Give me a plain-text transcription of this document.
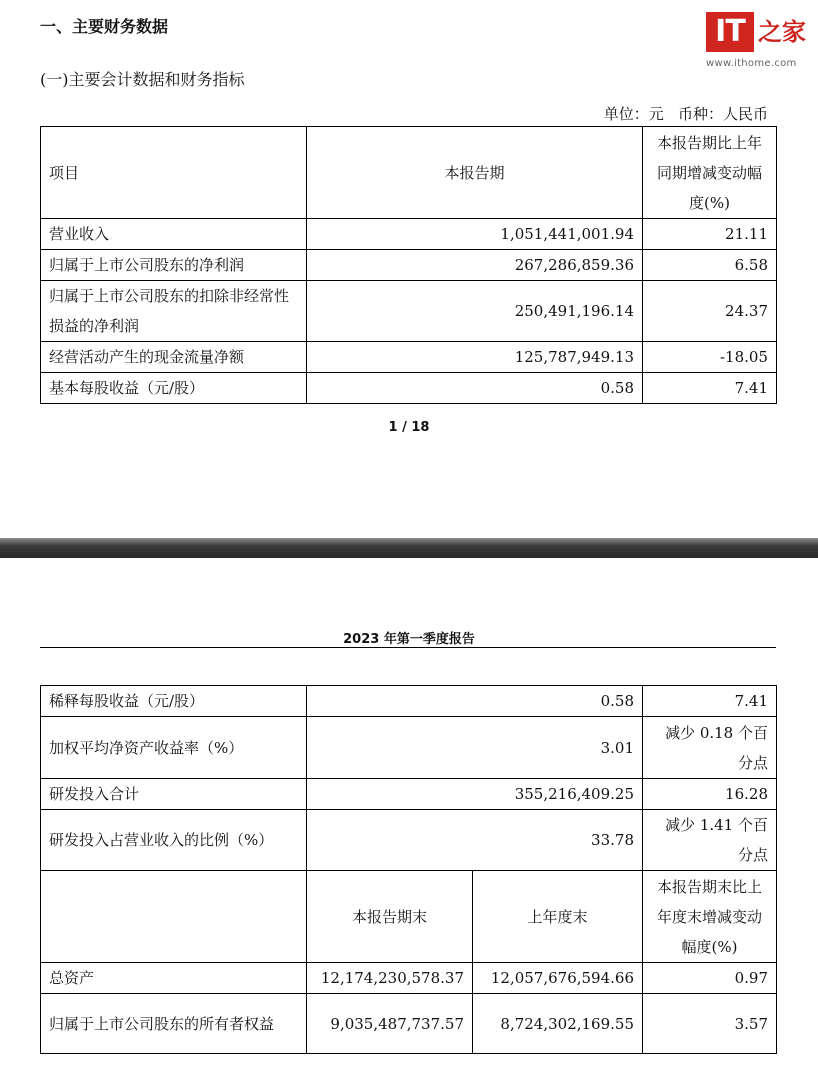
IT 之家
www.ithome.com
一、主要财务数据
(一)主要会计数据和财务指标
单位：元   币种：人民币
项目	本报告期	本报告期比上年同期增减变动幅度(%)
营业收入	1,051,441,001.94	21.11
归属于上市公司股东的净利润	267,286,859.36	6.58
归属于上市公司股东的扣除非经常性损益的净利润	250,491,196.14	24.37
经营活动产生的现金流量净额	125,787,949.13	-18.05
基本每股收益（元/股）	0.58	7.41
1 / 18
2023 年第一季度报告
稀释每股收益（元/股）	0.58		7.41
加权平均净资产收益率（%）	3.01		减少 0.18 个百分点
研发投入合计	355,216,409.25		16.28
研发投入占营业收入的比例（%）	33.78		减少 1.41 个百分点
	本报告期末	上年度末	本报告期末比上年度末增减变动幅度(%)
总资产	12,174,230,578.37	12,057,676,594.66	0.97
归属于上市公司股东的所有者权益	9,035,487,737.57	8,724,302,169.55	3.57
